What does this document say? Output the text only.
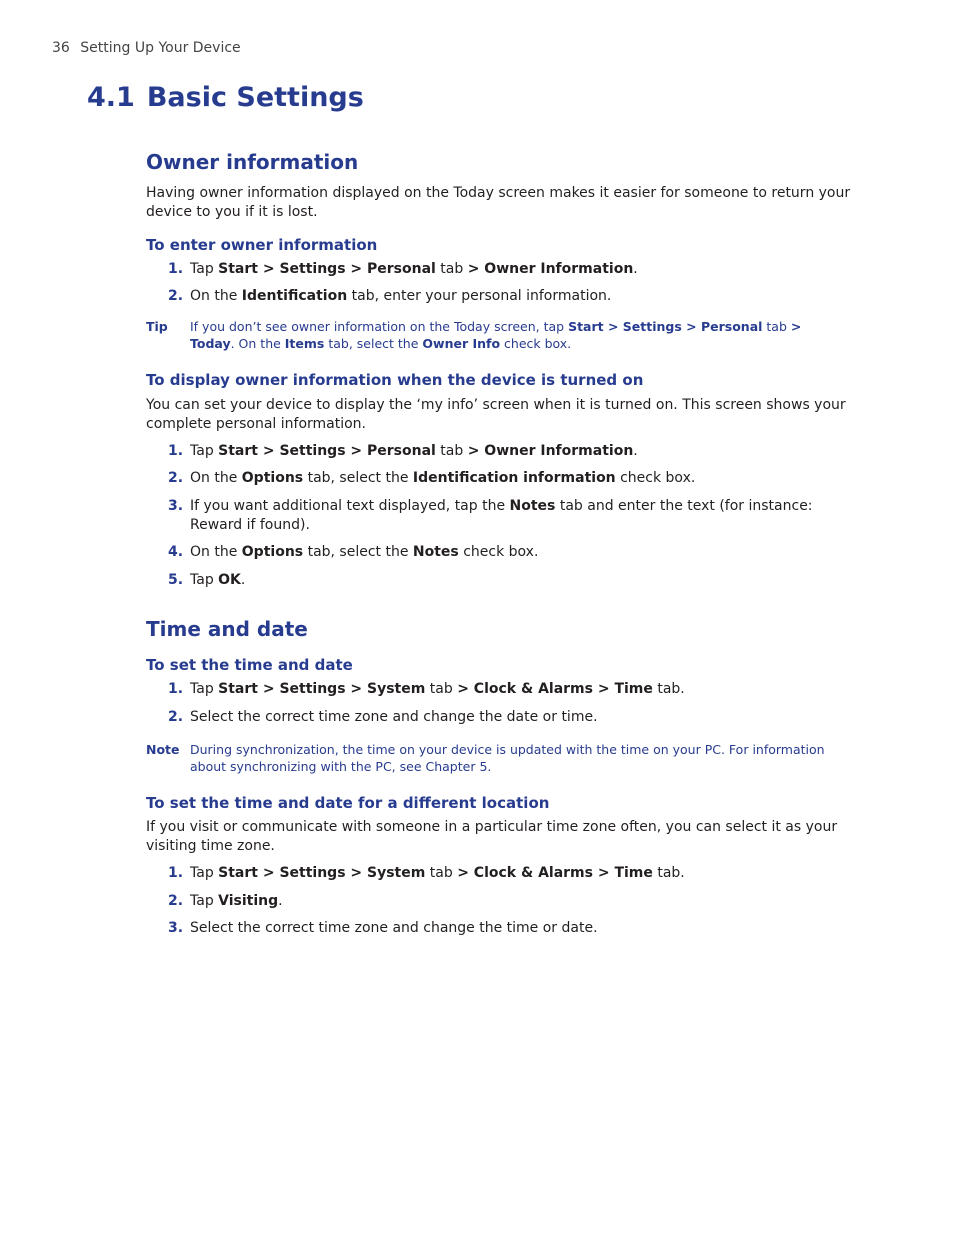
36 Setting Up Your Device
4.1 Basic Settings
Owner information

Having owner information displayed on the Today screen makes it easier for someone to return your device to you if it is lost.

To enter owner information
1. Tap Start > Settings > Personal tab > Owner Information.
2. On the Identification tab, enter your personal information.
Tip If you don’t see owner information on the Today screen, tap Start > Settings > Personal tab > Today. On the Items tab, select the Owner Info check box.
To display owner information when the device is turned on

You can set your device to display the ‘my info’ screen when it is turned on. This screen shows your complete personal information.

1. Tap Start > Settings > Personal tab > Owner Information.
2. On the Options tab, select the Identification information check box.
3. If you want additional text displayed, tap the Notes tab and enter the text (for instance: Reward if found).
4. On the Options tab, select the Notes check box.
5. Tap OK.
Time and date
To set the time and date
1. Tap Start > Settings > System tab > Clock & Alarms > Time tab.
2. Select the correct time zone and change the date or time.
Note During synchronization, the time on your device is updated with the time on your PC. For information about synchronizing with the PC, see Chapter 5.
To set the time and date for a different location

If you visit or communicate with someone in a particular time zone often, you can select it as your visiting time zone.

1. Tap Start > Settings > System tab > Clock & Alarms > Time tab.
2. Tap Visiting.
3. Select the correct time zone and change the time or date.
